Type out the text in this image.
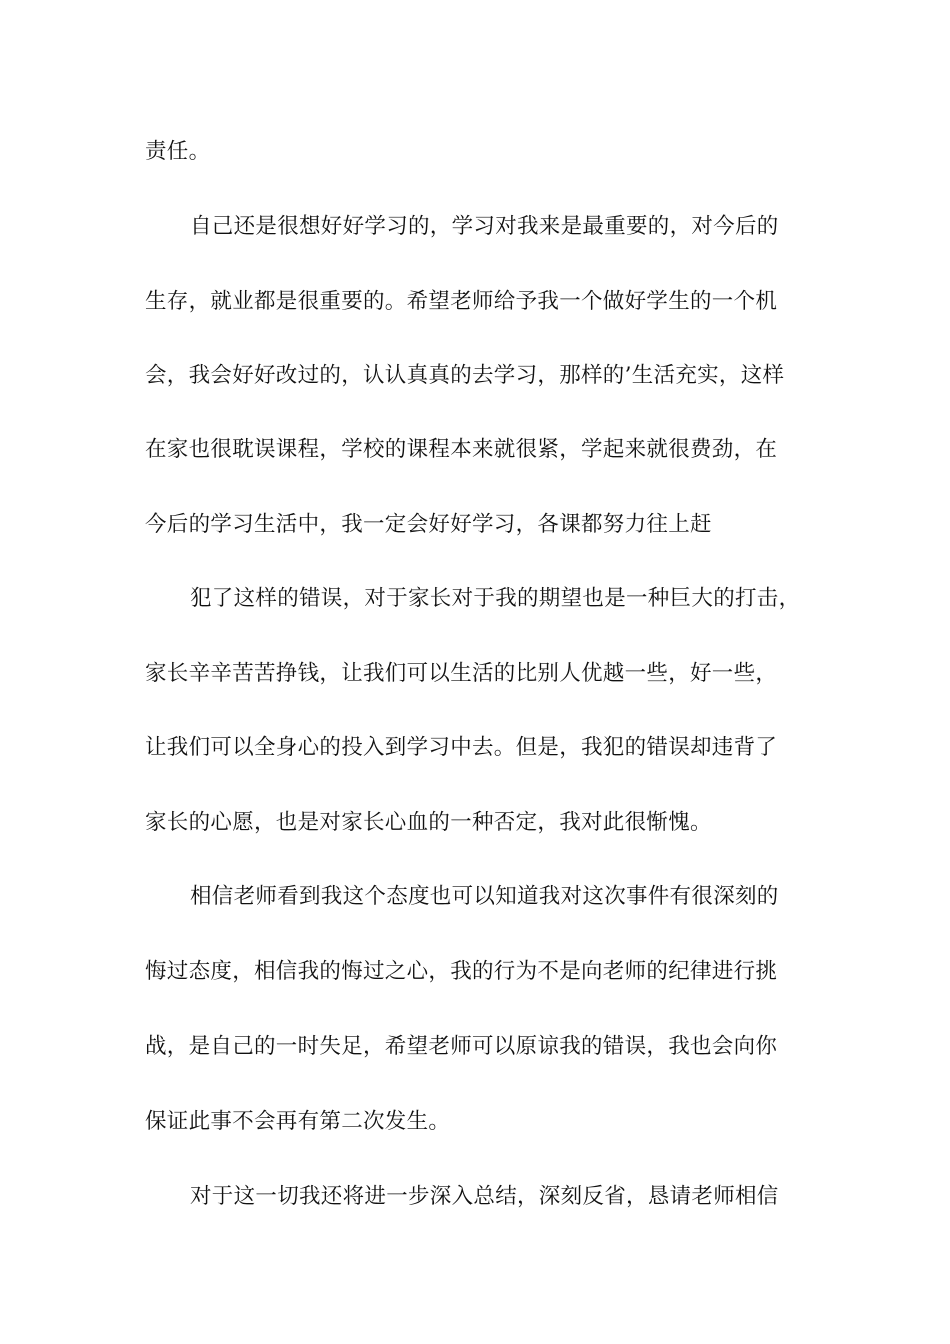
责任。
自己还是很想好好学习的，学习对我来是最重要的，对今后的
生存，就业都是很重要的。希望老师给予我一个做好学生的一个机
会，我会好好改过的，认认真真的去学习，那样的’生活充实，这样
在家也很耽误课程，学校的课程本来就很紧，学起来就很费劲，在
今后的学习生活中，我一定会好好学习，各课都努力往上赶
犯了这样的错误，对于家长对于我的期望也是一种巨大的打击，
家长辛辛苦苦挣钱，让我们可以生活的比别人优越一些，好一些，
让我们可以全身心的投入到学习中去。但是，我犯的错误却违背了
家长的心愿，也是对家长心血的一种否定，我对此很惭愧。
相信老师看到我这个态度也可以知道我对这次事件有很深刻的
悔过态度，相信我的悔过之心，我的行为不是向老师的纪律进行挑
战，是自己的一时失足，希望老师可以原谅我的错误，我也会向你
保证此事不会再有第二次发生。
对于这一切我还将进一步深入总结，深刻反省，恳请老师相信
